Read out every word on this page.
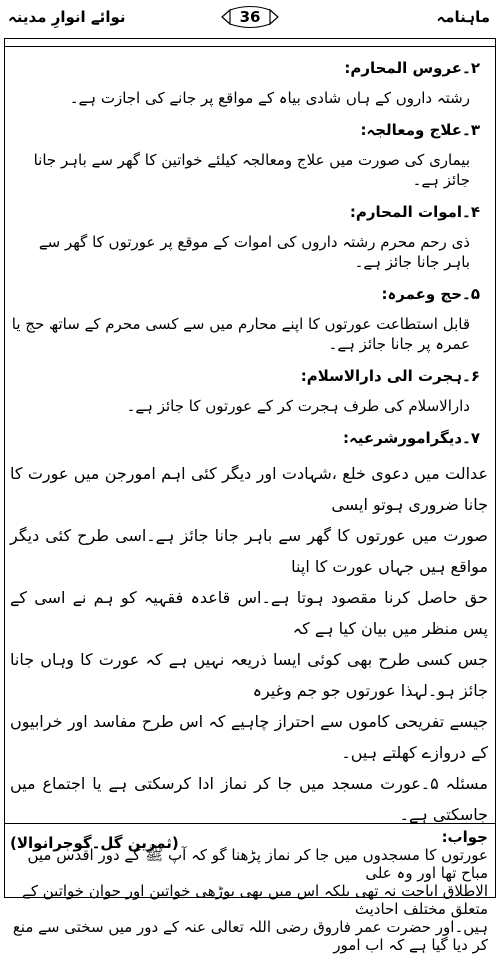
نوائے انوارِ مدینہ	36	ماہنامہ
۲۔عروس المحارم:
رشتہ داروں کے ہاں شادی بیاہ کے مواقع پر جانے کی اجازت ہے۔
۳۔علاج ومعالجہ:
بیماری کی صورت میں علاج ومعالجہ کیلئے خواتین کا گھر سے باہر جانا جائز ہے۔
۴۔اموات المحارم:
ذی رحم محرم رشتہ داروں کی اموات کے موقع پر عورتوں کا گھر سے باہر جانا جائز ہے۔
۵۔حج وعمرہ:
قابل استطاعت عورتوں کا اپنے محارم میں سے کسی محرم کے ساتھ حج یا عمرہ پر جانا جائز ہے۔
۶۔ہجرت الی دارالاسلام:
دارالاسلام کی طرف ہجرت کر کے عورتوں کا جائز ہے۔
۷۔دیگرامورشرعیہ:
عدالت میں دعوی خلع ،شہادت اور دیگر کئی اہم امورجن میں عورت کا جانا ضروری ہوتو ایسی
صورت میں عورتوں کا گھر سے باہر جانا جائز ہے۔اسی طرح کئی دیگر مواقع ہیں جہاں عورت کا اپنا
حق حاصل کرنا مقصود ہوتا ہے۔اس قاعدہ فقہیہ کو ہم نے اسی کے پس منظر میں بیان کیا ہے کہ
جس کسی طرح بھی کوئی ایسا ذریعہ نہیں ہے کہ عورت کا وہاں جانا جائز ہو۔لہذا عورتوں جو جم وغیرہ
جیسے تفریحی کاموں سے احتراز چاہیے کہ اس طرح مفاسد اور خرابیوں کے دروازے کھلتے ہیں۔
مسئلہ ۵۔عورت مسجد میں جا کر نماز ادا کرسکتی ہے یا اجتماع میں جاسکتی ہے۔
(ثمرین گل۔گوجرانوالا)	جواب:
عورتوں کا مسجدوں میں جا کر نماز پڑھنا گو کہ آپ ﷺ کے دور اقدس میں مباح تھا اور وہ علی
الاطلاق اباحت نہ تھی بلکہ اس میں بھی بوڑھی خواتین اور جوان خواتین کے متعلق مختلف احادیث
ہیں۔اور حضرت عمر فاروق رضی اللہ تعالی عنہ کے دور میں سختی سے منع کر دیا گیا ہے کہ اب امور
